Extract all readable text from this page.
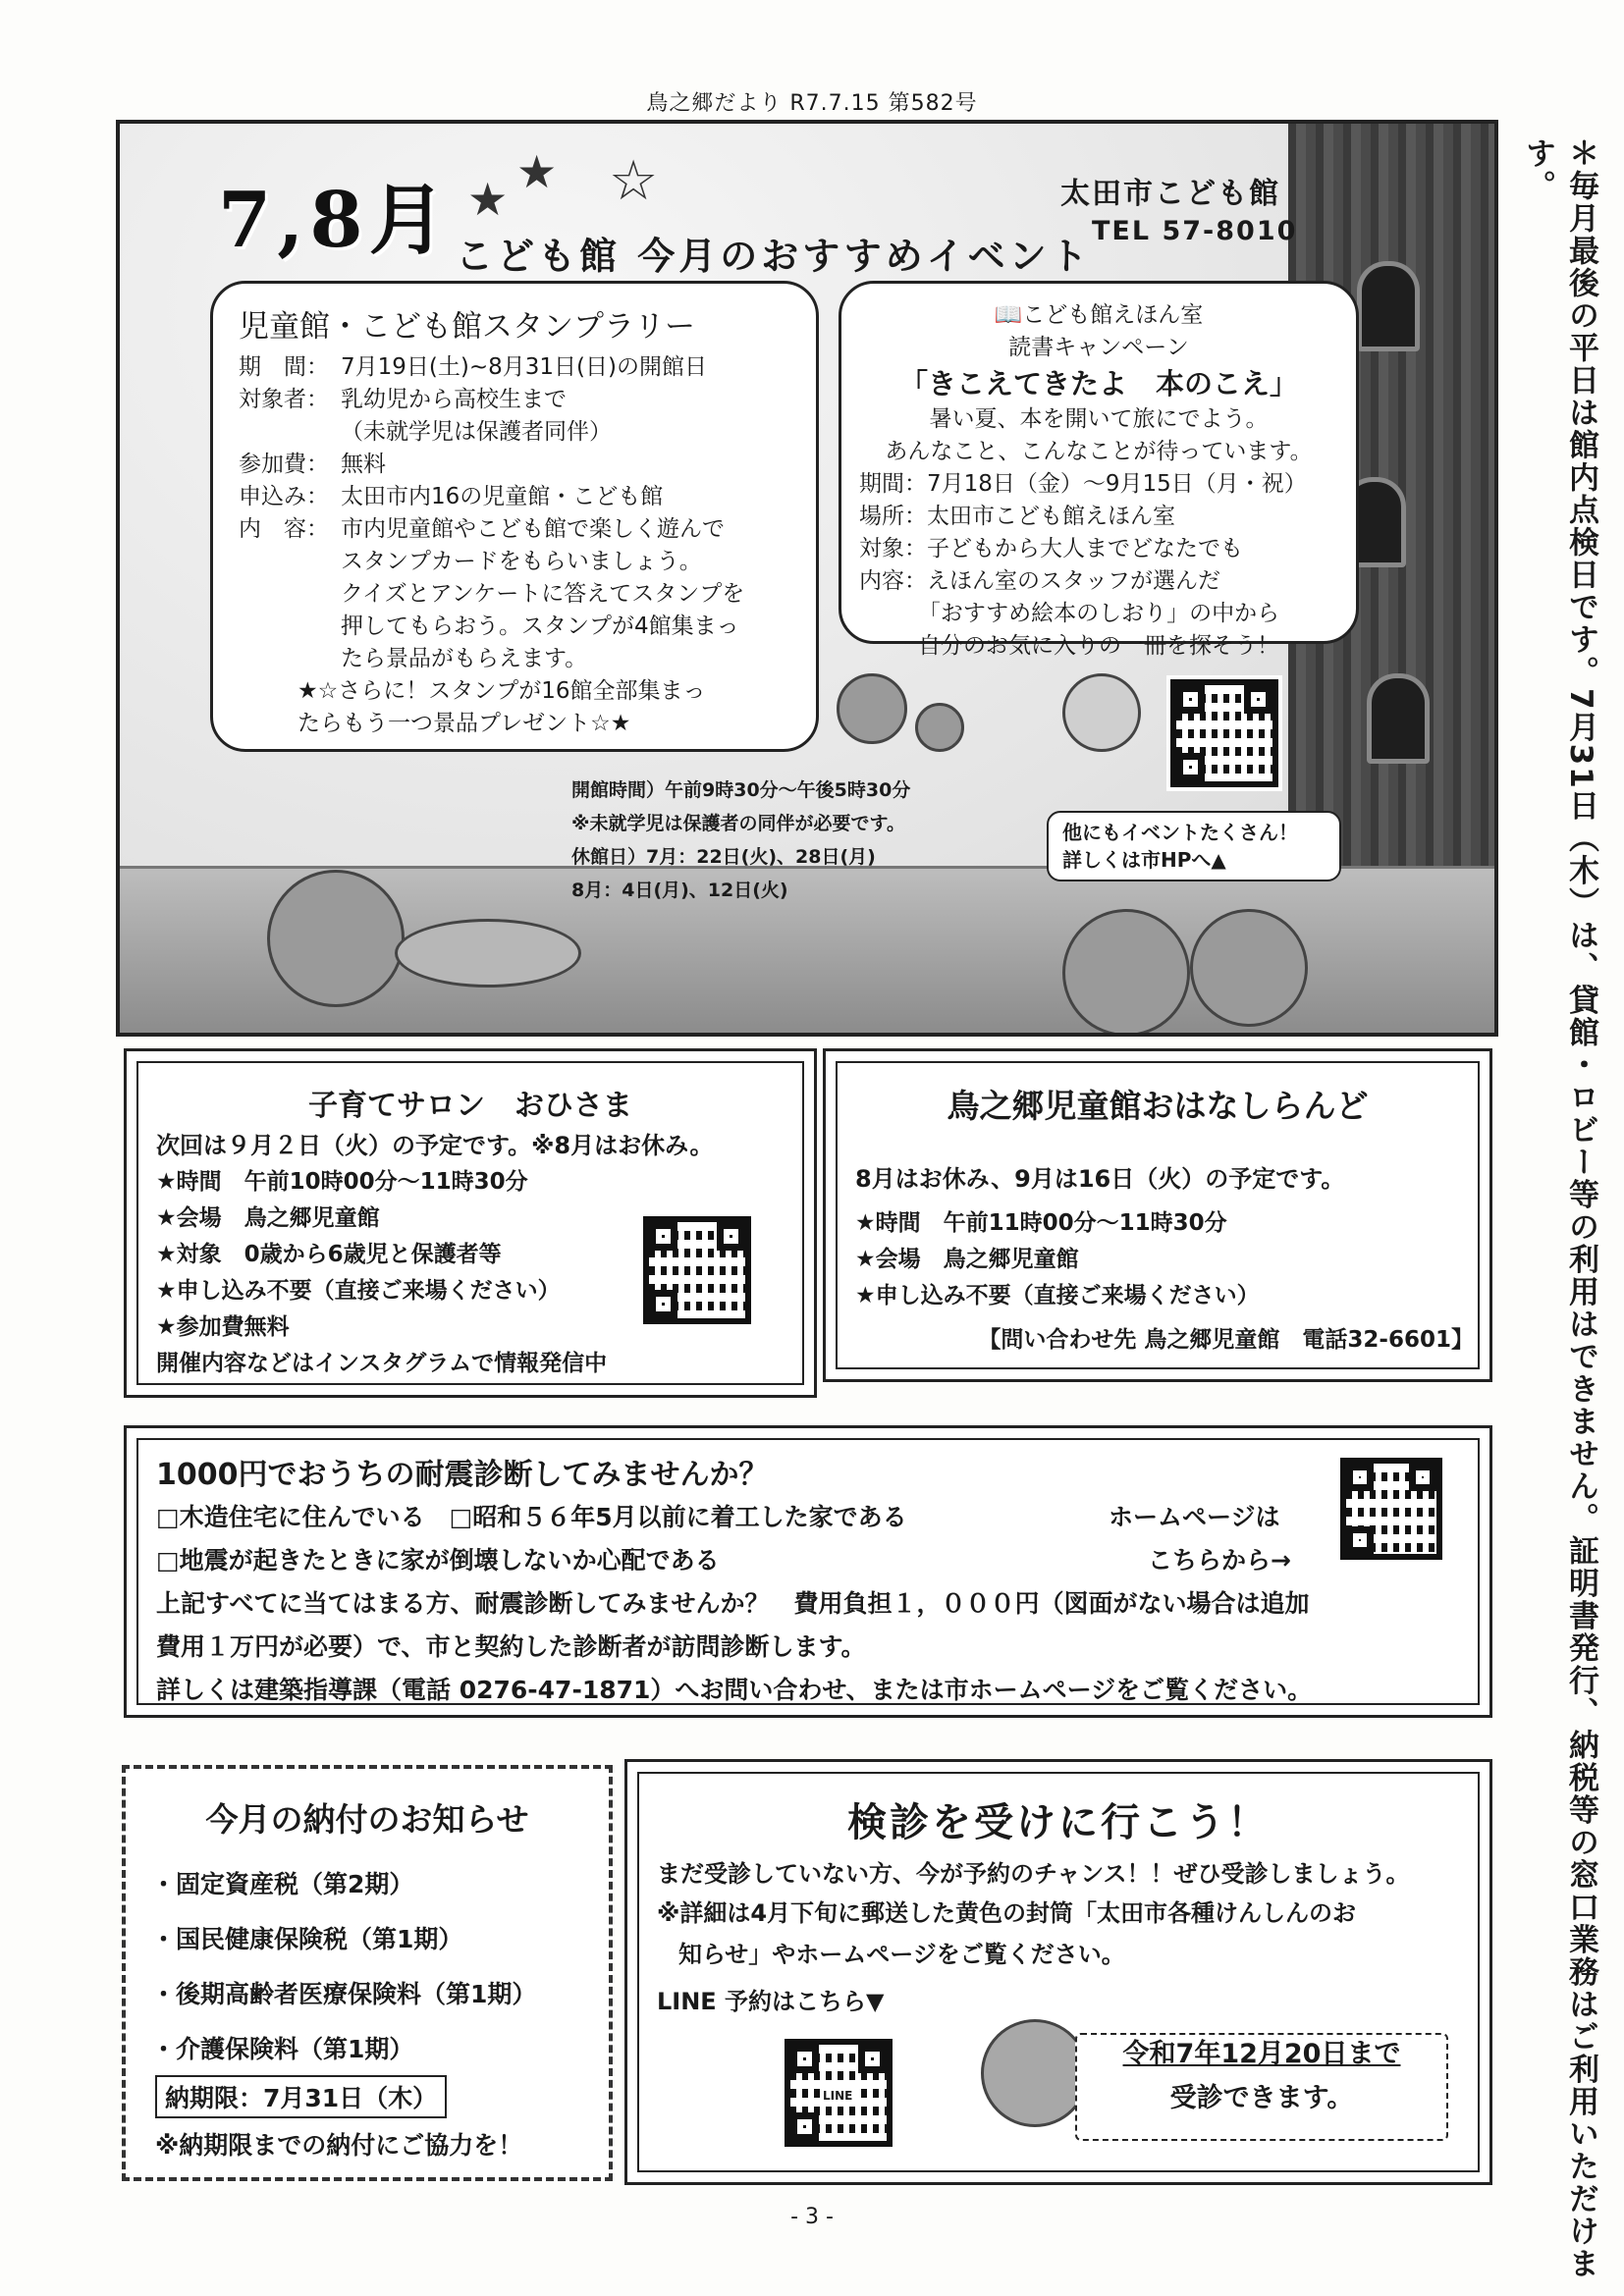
鳥之郷だより R7.7.15 第582号
＊毎月最後の平日は館内点検日です。7月31日（木）は、貸館・ロビー等の利用はできません。証明書発行、納税等の窓口業務はご利用いただけます。
7,8月 ★
★ ☆
こども館 今月のおすすめイベント
太田市こども館
TEL 57-8010
児童館・こども館スタンプラリー
期　間： 7月19日(土)~8月31日(日)の開館日
対象者： 乳幼児から高校生まで
（未就学児は保護者同伴）
参加費： 無料
申込み： 太田市内16の児童館・こども館
内　容： 市内児童館やこども館で楽しく遊んで
スタンプカードをもらいましょう。
クイズとアンケートに答えてスタンプを
押してもらおう。スタンプが4館集まっ
たら景品がもらえます。
★☆さらに！スタンプが16館全部集まっ
たらもう一つ景品プレゼント☆★
📖こども館えほん室
読書キャンペーン
「きこえてきたよ　本のこえ」
暑い夏、本を開いて旅にでよう。
あんなこと、こんなことが待っています。
期間：7月18日（金）～9月15日（月・祝）
場所：太田市こども館えほん室
対象：子どもから大人までどなたでも
内容：えほん室のスタッフが選んだ
「おすすめ絵本のしおり」の中から
自分のお気に入りの一冊を探そう！
開館時間）午前9時30分～午後5時30分
※未就学児は保護者の同伴が必要です。
休館日）7月：22日(火)、28日(月)
8月：4日(月)、12日(火)
他にもイベントたくさん！
詳しくは市HPへ▲
子育てサロン　おひさま
次回は９月２日（火）の予定です。※8月はお休み。
★時間　午前10時00分～11時30分
★会場　鳥之郷児童館
★対象　0歳から6歳児と保護者等
★申し込み不要（直接ご来場ください）
★参加費無料
開催内容などはインスタグラムで情報発信中
鳥之郷児童館おはなしらんど
8月はお休み、9月は16日（火）の予定です。
★時間　午前11時00分～11時30分
★会場　鳥之郷児童館
★申し込み不要（直接ご来場ください）
【問い合わせ先 鳥之郷児童館　電話32-6601】
1000円でおうちの耐震診断してみませんか？
□木造住宅に住んでいる　□昭和５６年5月以前に着工した家である	ホームページは
□地震が起きたときに家が倒壊しないか心配である	こちらから→
上記すべてに当てはまる方、耐震診断してみませんか？　費用負担１，０００円（図面がない場合は追加
費用１万円が必要）で、市と契約した診断者が訪問診断します。
詳しくは建築指導課（電話 0276-47-1871）へお問い合わせ、または市ホームページをご覧ください。
今月の納付のお知らせ
・固定資産税（第2期）
・国民健康保険税（第1期）
・後期高齢者医療保険料（第1期）
・介護保険料（第1期）
納期限：7月31日（木）
※納期限までの納付にご協力を！
検診を受けに行こう！
まだ受診していない方、今が予約のチャンス！！ぜひ受診しましょう。
※詳細は4月下旬に郵送した黄色の封筒「太田市各種けんしんのお
知らせ」やホームページをご覧ください。
LINE 予約はこちら▼
LINE
令和7年12月20日まで
受診できます。
- 3 -
